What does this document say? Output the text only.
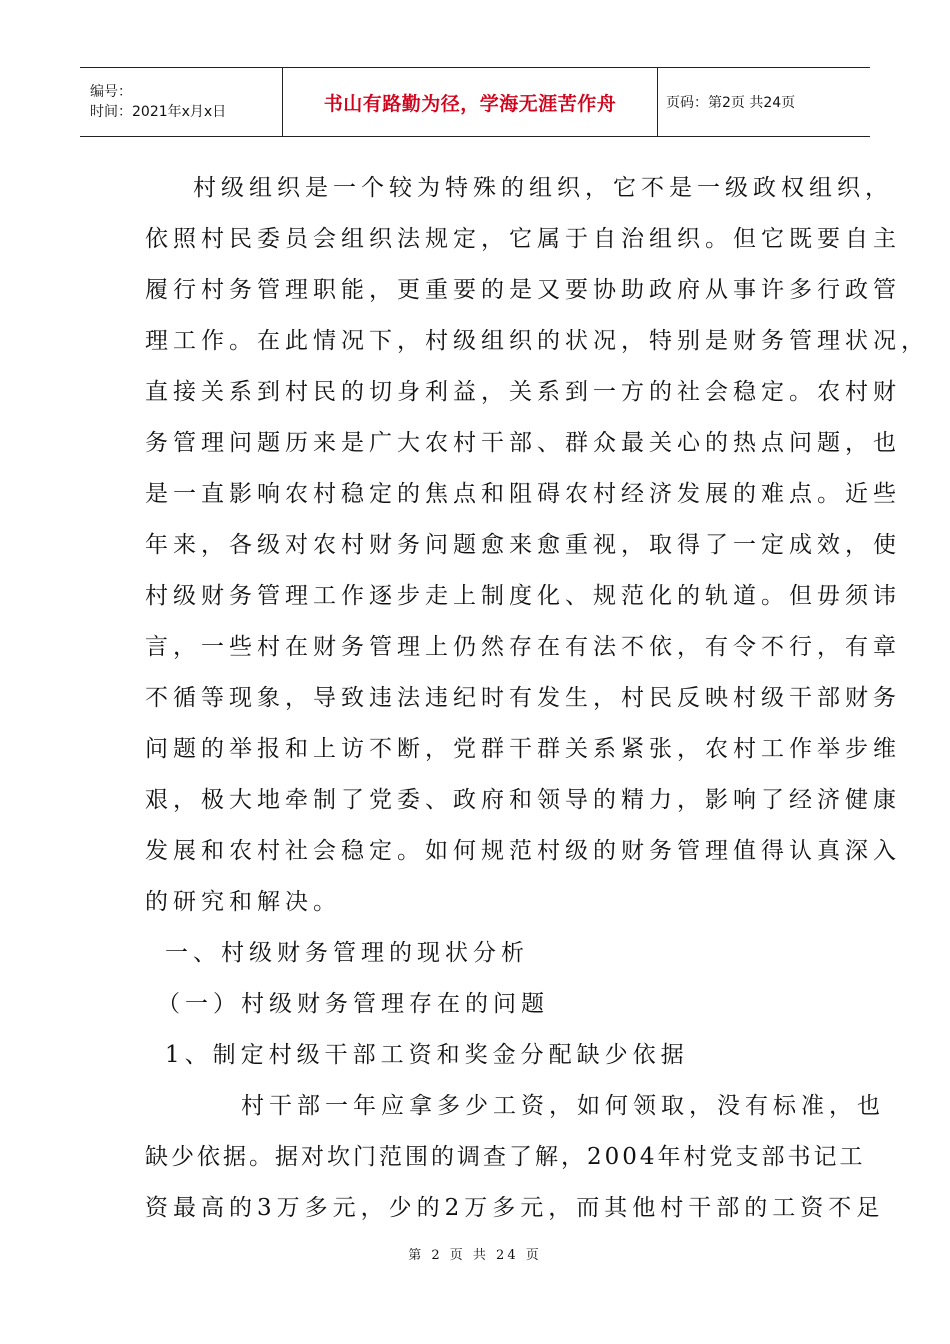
编号：
时间：2021年x月x日	书山有路勤为径，学海无涯苦作舟	页码：第2页 共24页
村级组织是一个较为特殊的组织，它不是一级政权组织，
依照村民委员会组织法规定，它属于自治组织。但它既要自主
履行村务管理职能，更重要的是又要协助政府从事许多行政管
理工作。在此情况下，村级组织的状况，特别是财务管理状况，
直接关系到村民的切身利益，关系到一方的社会稳定。农村财
务管理问题历来是广大农村干部、群众最关心的热点问题，也
是一直影响农村稳定的焦点和阻碍农村经济发展的难点。近些
年来，各级对农村财务问题愈来愈重视，取得了一定成效，使
村级财务管理工作逐步走上制度化、规范化的轨道。但毋须讳
言，一些村在财务管理上仍然存在有法不依，有令不行，有章
不循等现象，导致违法违纪时有发生，村民反映村级干部财务
问题的举报和上访不断，党群干群关系紧张，农村工作举步维
艰，极大地牵制了党委、政府和领导的精力，影响了经济健康
发展和农村社会稳定。如何规范村级的财务管理值得认真深入
的研究和解决。
一、村级财务管理的现状分析
（一）村级财务管理存在的问题
1、制定村级干部工资和奖金分配缺少依据
村干部一年应拿多少工资，如何领取，没有标准，也
缺少依据。据对坎门范围的调查了解，2004年村党支部书记工
资最高的3万多元，少的2万多元，而其他村干部的工资不足
第 2 页 共 24 页
